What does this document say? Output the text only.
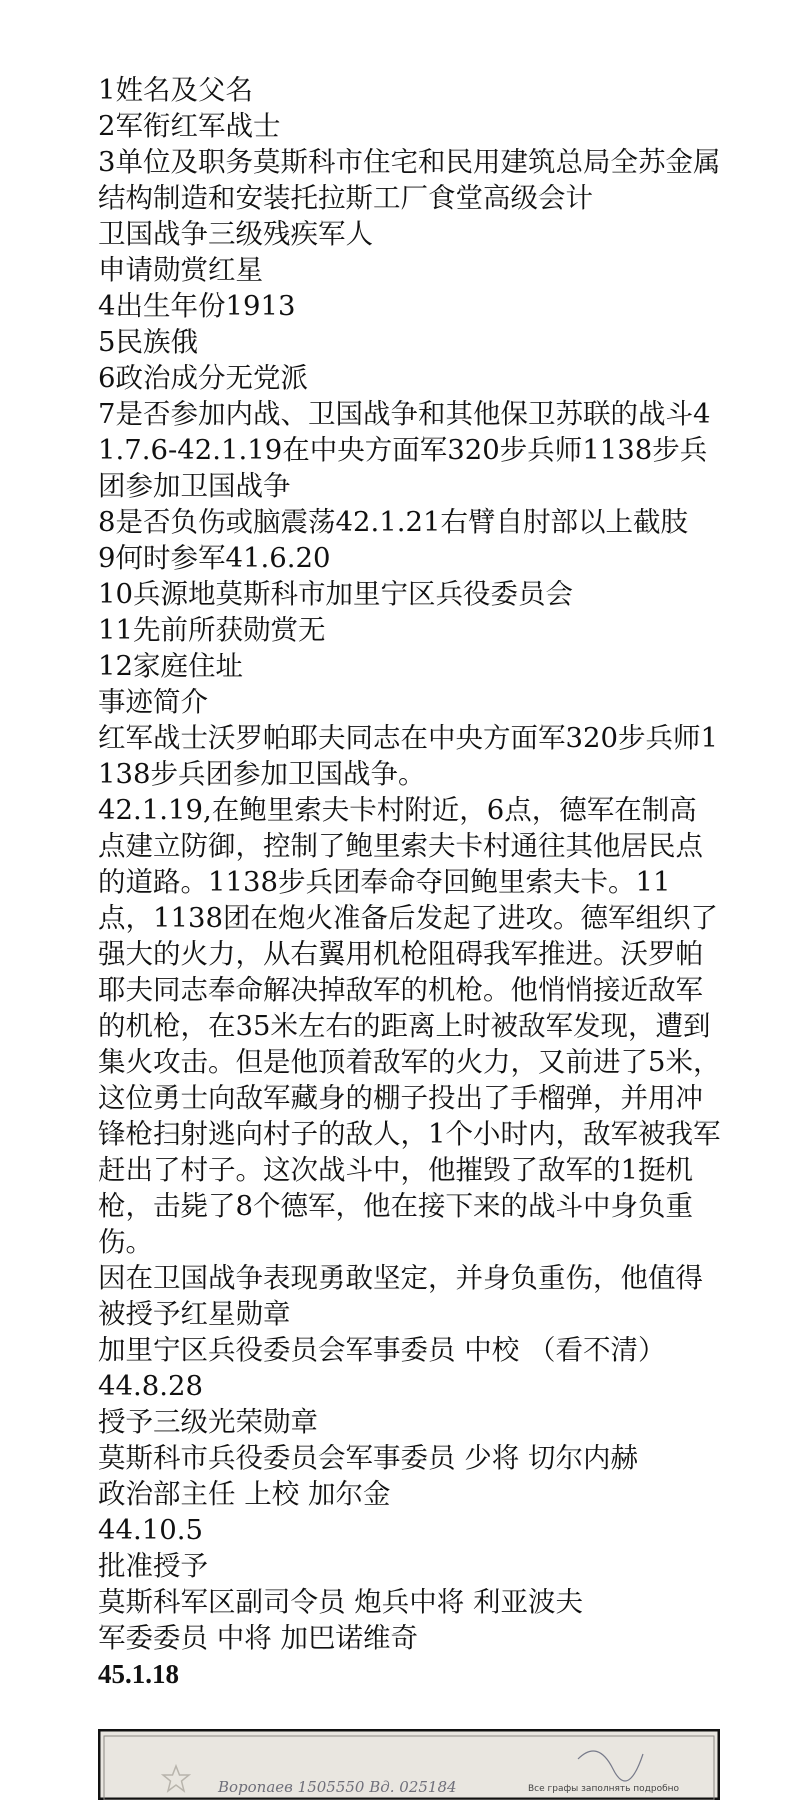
1姓名及父名

2军衔红军战士

3单位及职务莫斯科市住宅和民用建筑总局全苏金属结构制造和安装托拉斯工厂食堂高级会计

卫国战争三级残疾军人

申请勋赏红星

4出生年份1913

5民族俄

6政治成分无党派

7是否参加内战、卫国战争和其他保卫苏联的战斗41.7.6-42.1.19在中央方面军320步兵师1138步兵团参加卫国战争

8是否负伤或脑震荡42.1.21右臂自肘部以上截肢

9何时参军41.6.20

10兵源地莫斯科市加里宁区兵役委员会

11先前所获勋赏无

12家庭住址

事迹简介

红军战士沃罗帕耶夫同志在中央方面军320步兵师1138步兵团参加卫国战争。

42.1.19,在鲍里索夫卡村附近，6点，德军在制高点建立防御，控制了鲍里索夫卡村通往其他居民点的道路。1138步兵团奉命夺回鲍里索夫卡。11点，1138团在炮火准备后发起了进攻。德军组织了强大的火力，从右翼用机枪阻碍我军推进。沃罗帕耶夫同志奉命解决掉敌军的机枪。他悄悄接近敌军的机枪，在35米左右的距离上时被敌军发现，遭到集火攻击。但是他顶着敌军的火力，又前进了5米，这位勇士向敌军藏身的棚子投出了手榴弹，并用冲锋枪扫射逃向村子的敌人，1个小时内，敌军被我军赶出了村子。这次战斗中，他摧毁了敌军的1挺机枪，击毙了8个德军，他在接下来的战斗中身负重伤。

因在卫国战争表现勇敢坚定，并身负重伤，他值得被授予红星勋章

加里宁区兵役委员会军事委员 中校 （看不清）

44.8.28

授予三级光荣勋章

莫斯科市兵役委员会军事委员 少将 切尔内赫

政治部主任 上校 加尔金

44.10.5

批准授予

莫斯科军区副司令员 炮兵中将 利亚波夫

军委委员 中将 加巴诺维奇

45.1.18

Воропаев 1505550 Вд. 025184	Все графы заполнять подробно
